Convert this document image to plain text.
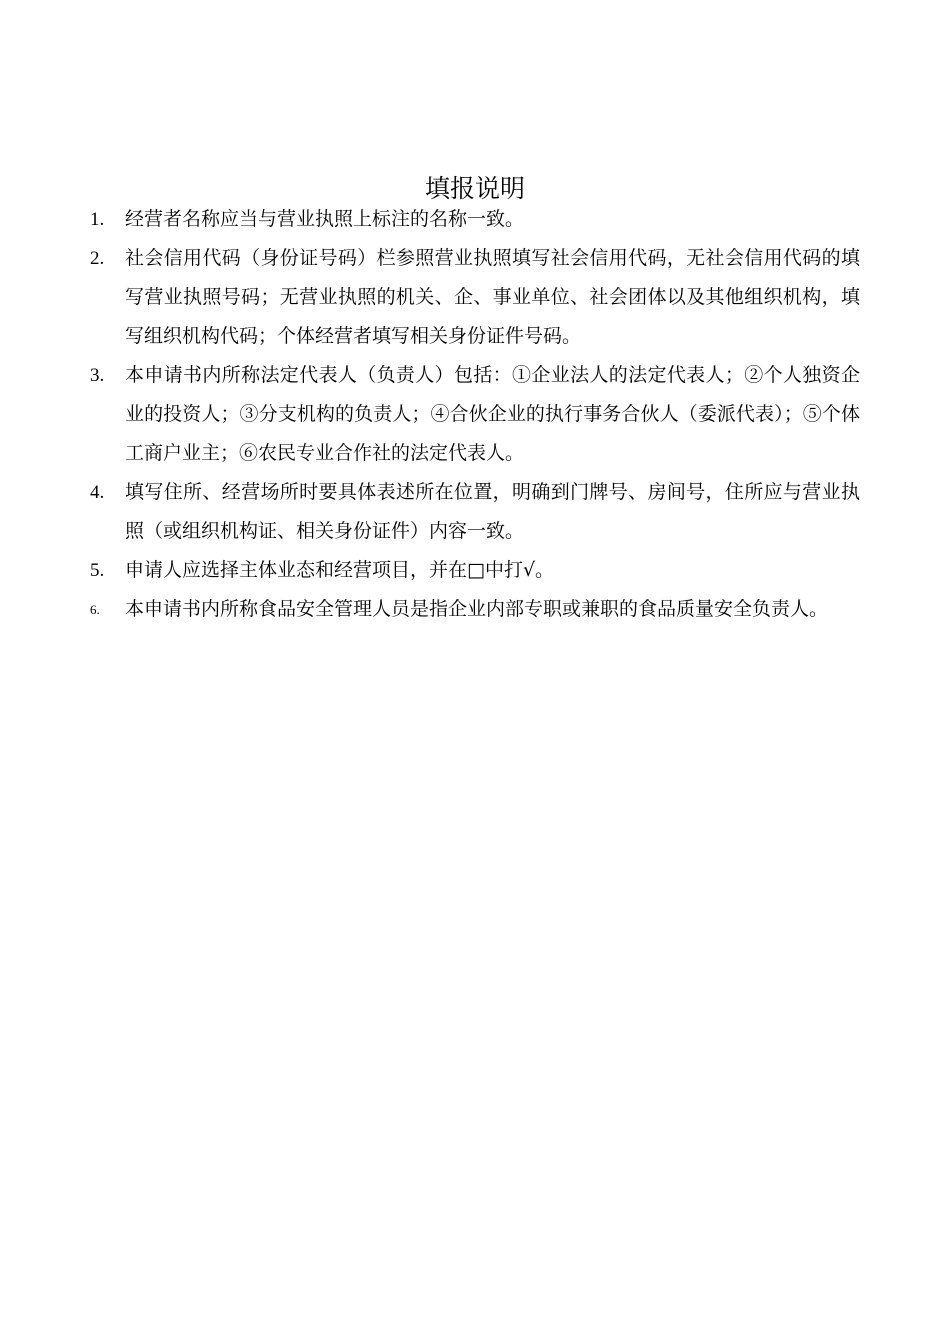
填报说明
1. 经营者名称应当与营业执照上标注的名称一致。
2. 社会信用代码（身份证号码）栏参照营业执照填写社会信用代码，无社会信用代码的填写营业执照号码；无营业执照的机关、企、事业单位、社会团体以及其他组织机构，填写组织机构代码；个体经营者填写相关身份证件号码。
3. 本申请书内所称法定代表人（负责人）包括：①企业法人的法定代表人；②个人独资企业的投资人；③分支机构的负责人；④合伙企业的执行事务合伙人（委派代表）；⑤个体工商户业主；⑥农民专业合作社的法定代表人。
4. 填写住所、经营场所时要具体表述所在位置，明确到门牌号、房间号，住所应与营业执照（或组织机构证、相关身份证件）内容一致。
5. 申请人应选择主体业态和经营项目，并在□中打√。
6. 本申请书内所称食品安全管理人员是指企业内部专职或兼职的食品质量安全负责人。
